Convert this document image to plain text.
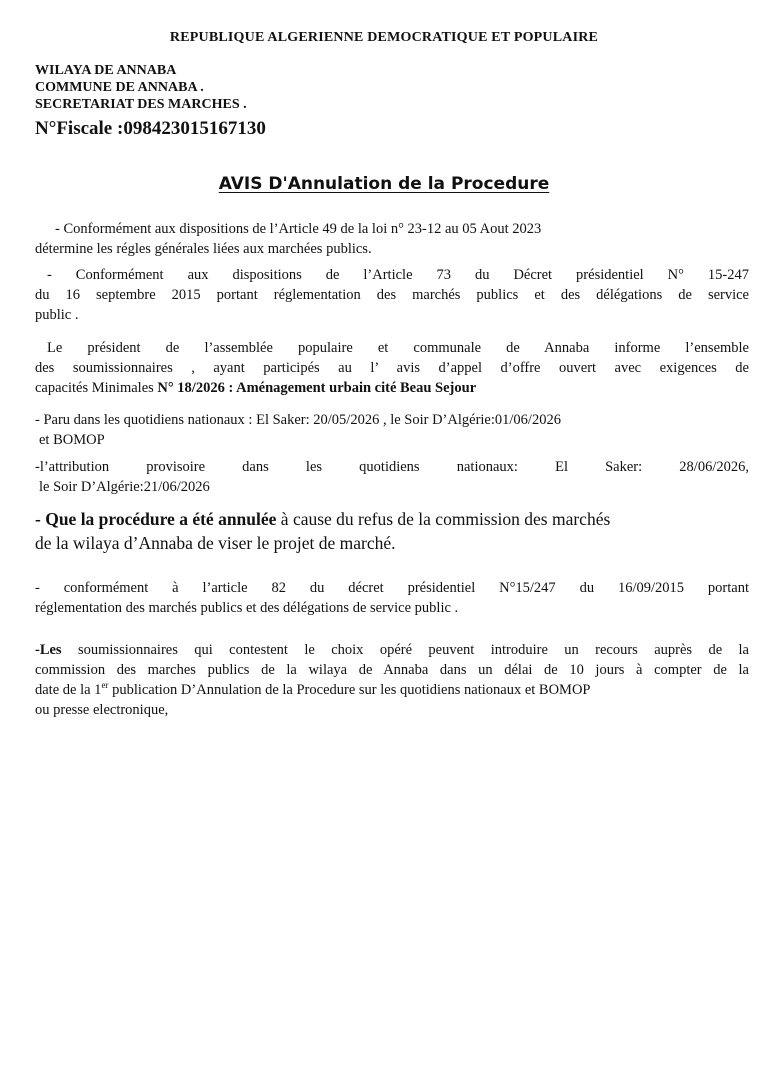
REPUBLIQUE ALGERIENNE DEMOCRATIQUE ET POPULAIRE
WILAYA DE ANNABA
COMMUNE DE ANNABA .
SECRETARIAT DES MARCHES .
N°Fiscale :098423015167130
AVIS D'Annulation de la Procedure
- Conformément aux dispositions de l’Article 49 de la loi n° 23-12 au 05 Aout 2023
détermine les régles générales liées aux marchées publics.
- Conformément aux dispositions de l’Article 73 du Décret présidentiel N° 15-247
du 16 septembre 2015 portant réglementation des marchés publics et des délégations de service
public .
Le président de l’assemblée populaire et communale de Annaba informe l’ensemble
des soumissionnaires , ayant participés au l’ avis d’appel d’offre ouvert avec exigences de
capacités Minimales N° 18/2026 : Aménagement urbain cité Beau Sejour
- Paru dans les quotidiens nationaux : El Saker: 20/05/2026 , le Soir D’Algérie:01/06/2026
et BOMOP
-l’attribution provisoire dans les quotidiens nationaux: El Saker: 28/06/2026,
le Soir D’Algérie:21/06/2026
- Que la procédure a été annulée à cause du refus de la commission des marchés
de la wilaya d’Annaba de viser le projet de marché.
- conformément à l’article 82 du décret présidentiel N°15/247 du 16/09/2015 portant
réglementation des marchés publics et des délégations de service public .
-Les soumissionnaires qui contestent le choix opéré peuvent introduire un recours auprès de la
commission des marches publics de la wilaya de Annaba dans un délai de 10 jours à compter de la
date de la 1er publication D’Annulation de la Procedure sur les quotidiens nationaux et BOMOP
ou presse electronique,
